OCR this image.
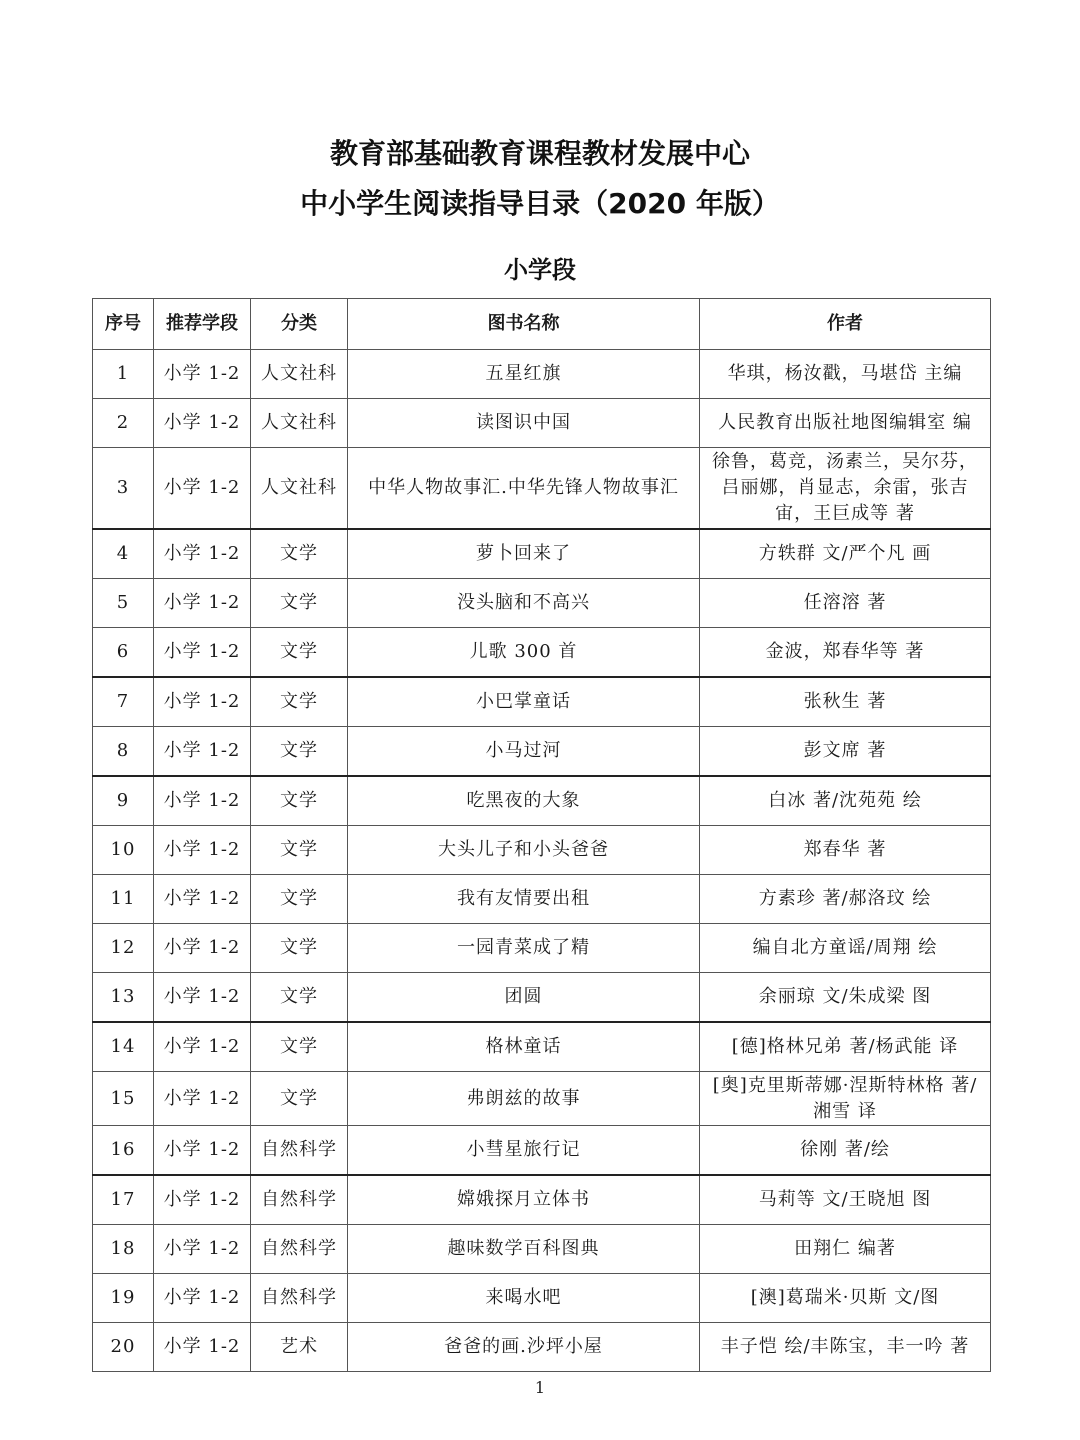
教育部基础教育课程教材发展中心
中小学生阅读指导目录（2020 年版）
小学段
序号	推荐学段	分类	图书名称	作者
1	小学 1-2	人文社科	五星红旗	华琪，杨汝戳，马堪岱 主编
2	小学 1-2	人文社科	读图识中国	人民教育出版社地图编辑室 编
3	小学 1-2	人文社科	中华人物故事汇.中华先锋人物故事汇	徐鲁，葛竞，汤素兰，吴尔芬，吕丽娜，肖显志，余雷，张吉宙，王巨成等 著
4	小学 1-2	文学	萝卜回来了	方轶群 文/严个凡 画
5	小学 1-2	文学	没头脑和不高兴	任溶溶 著
6	小学 1-2	文学	儿歌 300 首	金波，郑春华等 著
7	小学 1-2	文学	小巴掌童话	张秋生 著
8	小学 1-2	文学	小马过河	彭文席 著
9	小学 1-2	文学	吃黑夜的大象	白冰 著/沈苑苑 绘
10	小学 1-2	文学	大头儿子和小头爸爸	郑春华 著
11	小学 1-2	文学	我有友情要出租	方素珍 著/郝洛玟 绘
12	小学 1-2	文学	一园青菜成了精	编自北方童谣/周翔 绘
13	小学 1-2	文学	团圆	余丽琼 文/朱成梁 图
14	小学 1-2	文学	格林童话	[德]格林兄弟 著/杨武能 译
15	小学 1-2	文学	弗朗兹的故事	[奥]克里斯蒂娜·涅斯特林格 著/湘雪 译
16	小学 1-2	自然科学	小彗星旅行记	徐刚 著/绘
17	小学 1-2	自然科学	嫦娥探月立体书	马莉等 文/王晓旭 图
18	小学 1-2	自然科学	趣味数学百科图典	田翔仁 编著
19	小学 1-2	自然科学	来喝水吧	[澳]葛瑞米·贝斯 文/图
20	小学 1-2	艺术	爸爸的画.沙坪小屋	丰子恺 绘/丰陈宝，丰一吟 著
1
